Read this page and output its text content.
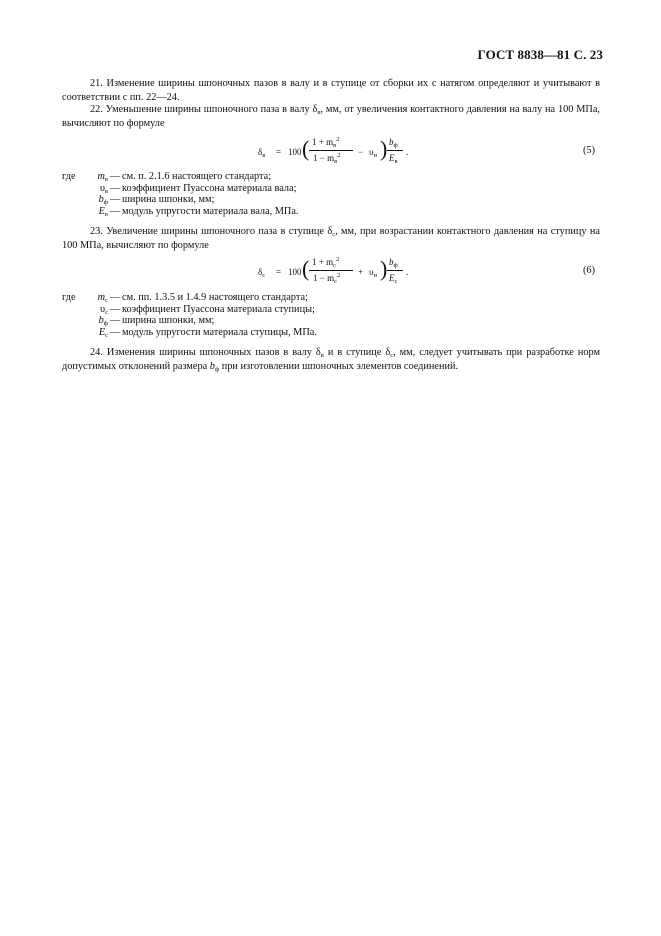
ГОСТ 8838—81 С. 23

21. Изменение ширины шпоночных пазов в валу и в ступице от сборки их с натягом определяют и учитывают в соответствии с пп. 22—24.

22. Уменьшение ширины шпоночного паза в валу $\delta_в$, мм, от увеличения контактного давления на валу на 100 МПа, вычисляют по формуле

$\delta_в = 100$ ( $1 + m_в^2$
$1 - m_в^2 - \upsilon_н$ ) $b_ф$
$E_в$
.	(5)
где $m_в$ — см. п. 2.1.6 настоящего стандарта;
$\upsilon_в$ — коэффициент Пуассона материала вала;
$b_ф$ — ширина шпонки, мм;
$E_в$ — модуль упругости материала вала, МПа.

23. Увеличение ширины шпоночного паза в ступице $\delta_с$, мм, при возрастании контактного давления на ступицу на 100 МПа, вычисляют по формуле

$\delta_с = 100$ ( $1 + m_с^2$
$1 - m_с^2 + \upsilon_н$ ) $b_ф$
$E_с$
.	(6)
где $m_с$ — см. пп. 1.3.5 и 1.4.9 настоящего стандарта;
$\upsilon_с$ — коэффициент Пуассона материала ступицы;
$b_ф$ — ширина шпонки, мм;
$E_с$ — модуль упругости материала ступицы, МПа.

24. Изменения ширины шпоночных пазов в валу $\delta_в$ и в ступице $\delta_с$, мм, следует учитывать при разработке норм допустимых отклонений размера $b_ф$ при изготовлении шпоночных элементов соединений.
